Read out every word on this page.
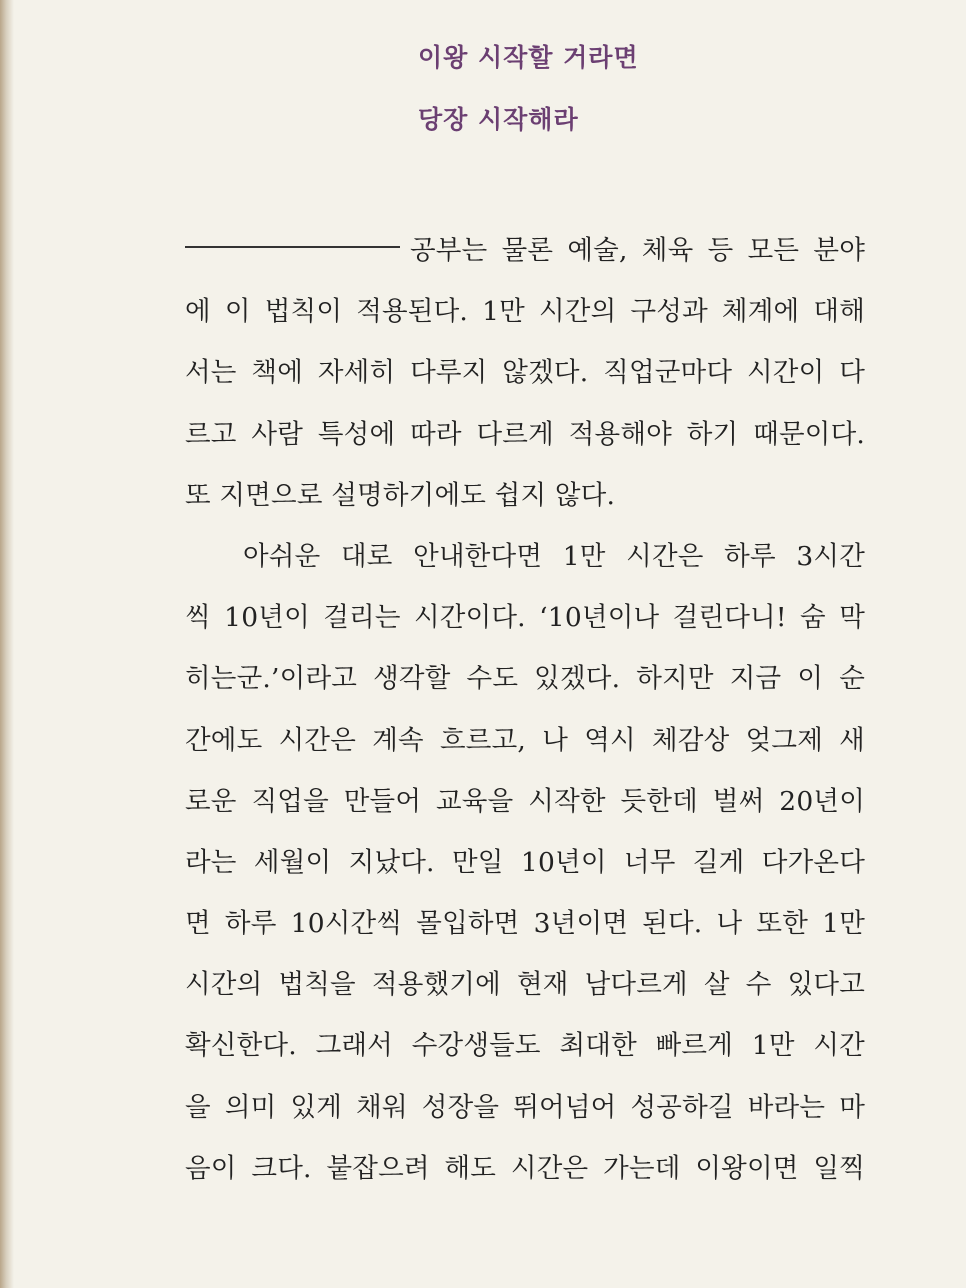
이왕 시작할 거라면
당장 시작해라
공부는 물론 예술, 체육 등 모든 분야
에 이 법칙이 적용된다. 1만 시간의 구성과 체계에 대해
서는 책에 자세히 다루지 않겠다. 직업군마다 시간이 다
르고 사람 특성에 따라 다르게 적용해야 하기 때문이다.
또 지면으로 설명하기에도 쉽지 않다.
아쉬운 대로 안내한다면 1만 시간은 하루 3시간
씩 10년이 걸리는 시간이다. ‘10년이나 걸린다니! 숨 막
히는군.’이라고 생각할 수도 있겠다. 하지만 지금 이 순
간에도 시간은 계속 흐르고, 나 역시 체감상 엊그제 새
로운 직업을 만들어 교육을 시작한 듯한데 벌써 20년이
라는 세월이 지났다. 만일 10년이 너무 길게 다가온다
면 하루 10시간씩 몰입하면 3년이면 된다. 나 또한 1만
시간의 법칙을 적용했기에 현재 남다르게 살 수 있다고
확신한다. 그래서 수강생들도 최대한 빠르게 1만 시간
을 의미 있게 채워 성장을 뛰어넘어 성공하길 바라는 마
음이 크다. 붙잡으려 해도 시간은 가는데 이왕이면 일찍
